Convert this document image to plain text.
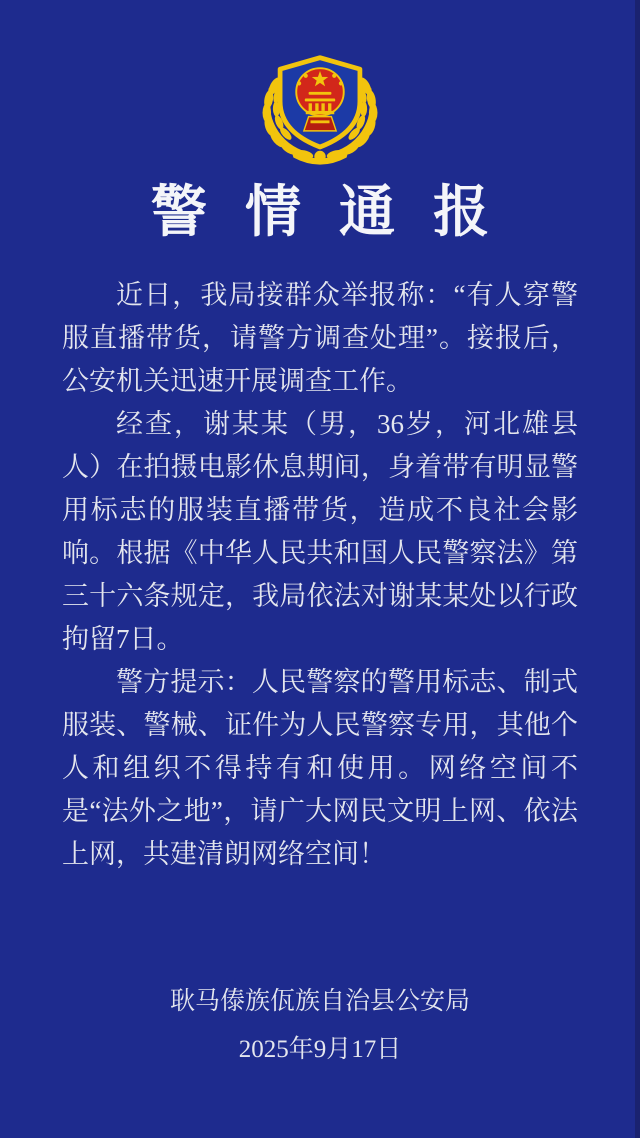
警情通报

近日，我局接群众举报称：“有人穿警服直播带货，请警方调查处理”。接报后，公安机关迅速开展调查工作。

经查，谢某某（男，36岁，河北雄县人）在拍摄电影休息期间，身着带有明显警用标志的服装直播带货，造成不良社会影响。根据《中华人民共和国人民警察法》第三十六条规定，我局依法对谢某某处以行政拘留7日。

警方提示：人民警察的警用标志、制式服装、警械、证件为人民警察专用，其他个人和组织不得持有和使用。网络空间不是“法外之地”，请广大网民文明上网、依法上网，共建清朗网络空间！

耿马傣族佤族自治县公安局
2025年9月17日
